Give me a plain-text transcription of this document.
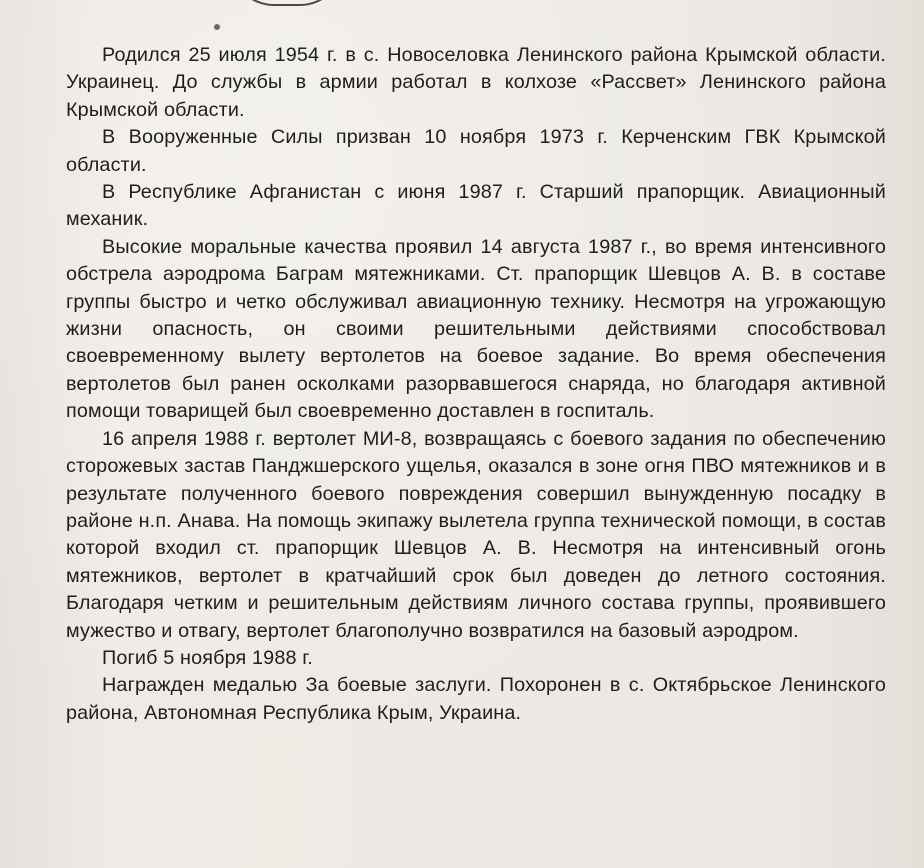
Родился 25 июля 1954 г. в с. Новоселовка Ленинского района Крымской области. Украинец. До службы в армии работал в колхозе «Рассвет» Ленинского района Крымской области.

В Вооруженные Силы призван 10 ноября 1973 г. Керченским ГВК Крымской области.

В Республике Афганистан с июня 1987 г. Старший прапорщик. Авиационный механик.

Высокие моральные качества проявил 14 августа 1987 г., во время интенсивного обстрела аэродрома Баграм мятежниками. Ст. прапорщик Шевцов А. В. в составе группы быстро и четко обслуживал авиационную технику. Несмотря на угрожающую жизни опасность, он своими решительными действиями способствовал своевременному вылету вертолетов на боевое задание. Во время обеспечения вертолетов был ранен осколками разорвавшегося снаряда, но благодаря активной помощи товарищей был своевременно доставлен в госпиталь.

16 апреля 1988 г. вертолет МИ-8, возвращаясь с боевого задания по обеспечению сторожевых застав Панджшерского ущелья, оказался в зоне огня ПВО мятежников и в результате полученного боевого повреждения совершил вынужденную посадку в районе н.п. Анава. На помощь экипажу вылетела группа технической помощи, в состав которой входил ст. прапорщик Шевцов А. В. Несмотря на интенсивный огонь мятежников, вертолет в кратчайший срок был доведен до летного состояния. Благодаря четким и решительным действиям личного состава группы, проявившего мужество и отвагу, вертолет благополучно возвратился на базовый аэродром.

Погиб 5 ноября 1988 г.

Награжден медалью За боевые заслуги. Похоронен в с. Октябрьское Ленинского района, Автономная Республика Крым, Украина.
